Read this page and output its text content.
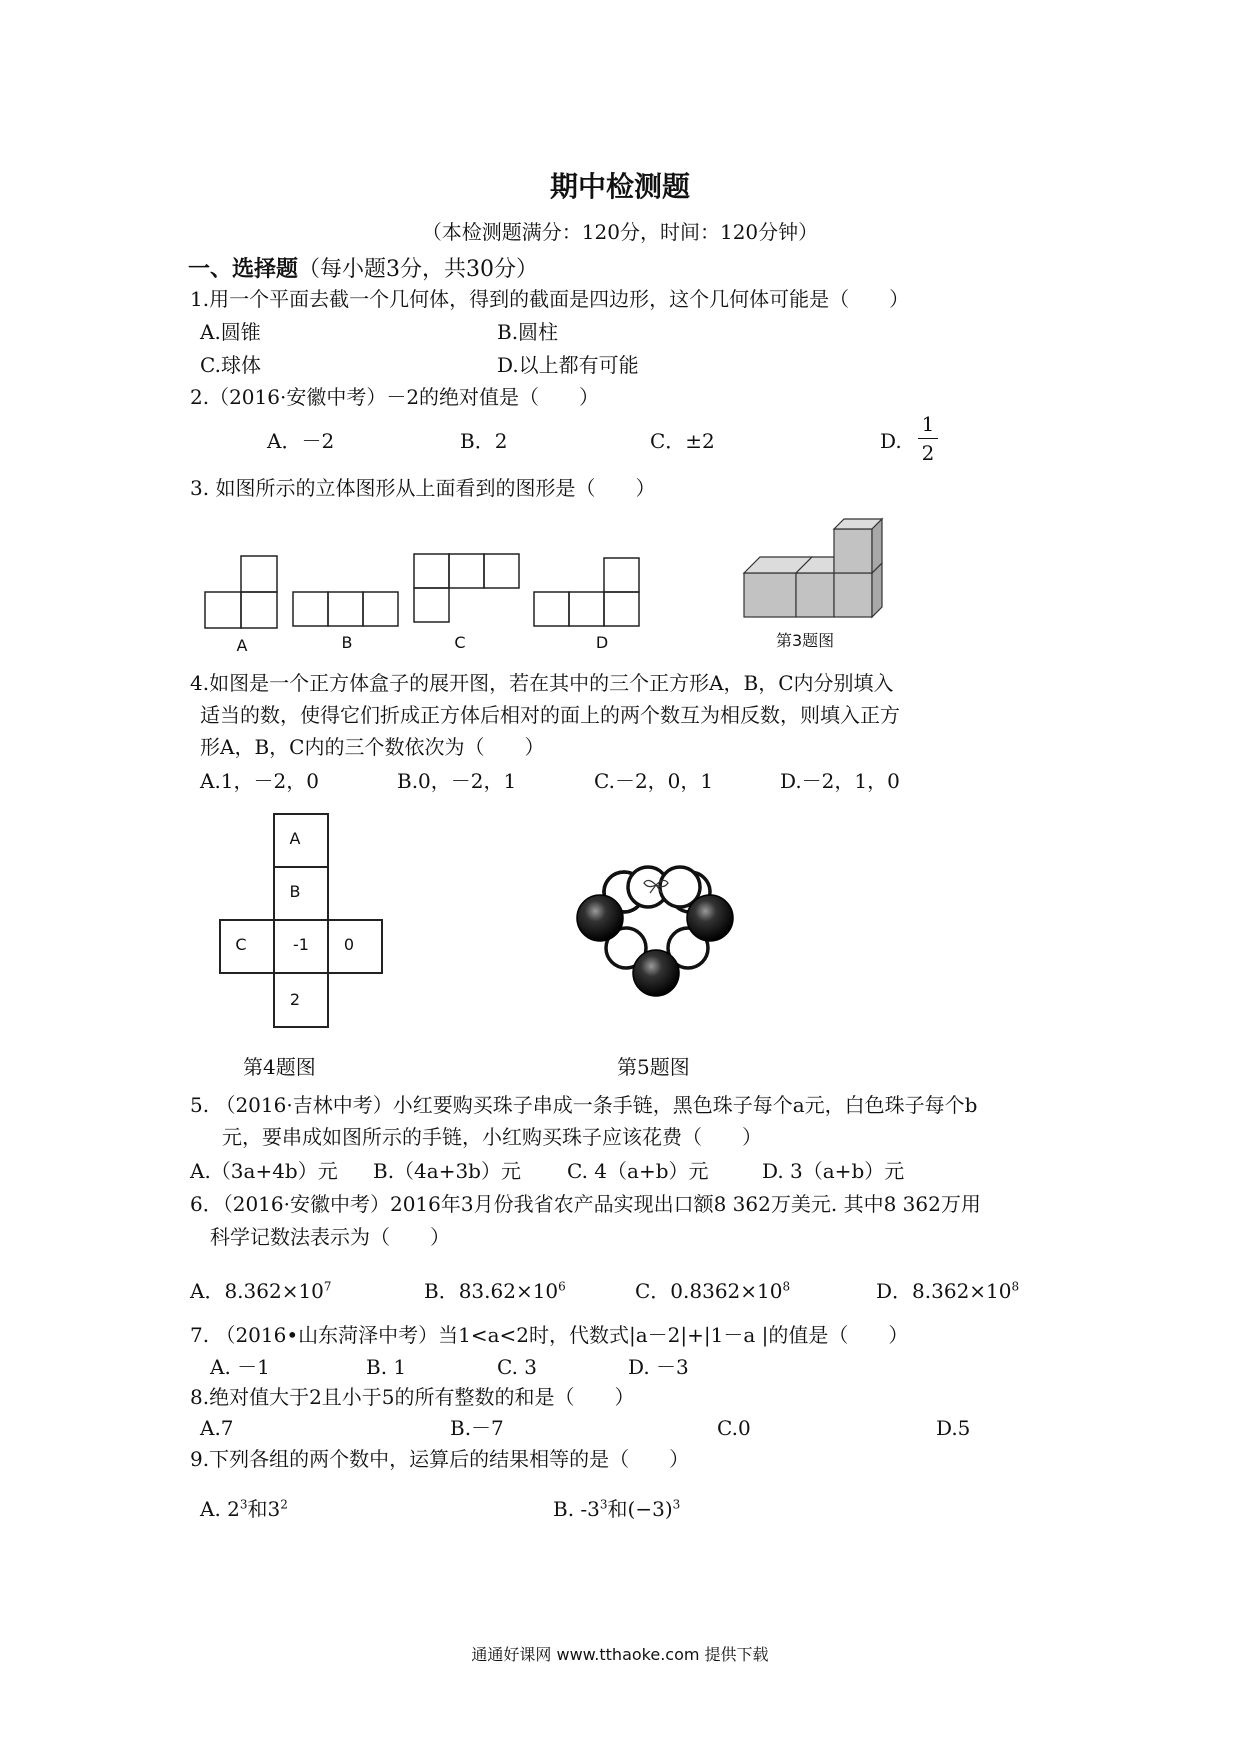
期中检测题
（本检测题满分：120分，时间：120分钟）
一、选择题（每小题3分，共30分）
1.用一个平面去截一个几何体，得到的截面是四边形，这个几何体可能是（　　）
A.圆锥	B.圆柱
C.球体	D.以上都有可能
2.（2016·安徽中考）－2的绝对值是（　　）
A．－2	B．2	C．±2	D.
1
2
3. 如图所示的立体图形从上面看到的图形是（　　）
A	B	C	D	第3题图
4.如图是一个正方体盒子的展开图，若在其中的三个正方形A，B，C内分别填入
适当的数，使得它们折成正方体后相对的面上的两个数互为相反数，则填入正方
形A，B，C内的三个数依次为（　　）
A.1，－2，0	B.0，－2，1	C.－2，0，1	D.－2，1，0
A
B
C	-1	0
2
第4题图	第5题图
5. （2016·吉林中考）小红要购买珠子串成一条手链，黑色珠子每个a元，白色珠子每个b
元，要串成如图所示的手链，小红购买珠子应该花费（　　）
A.（3a+4b）元 B.（4a+3b）元 C. 4（a+b）元	D. 3（a+b）元
6．（2016·安徽中考）2016年3月份我省农产品实现出口额8 362万美元. 其中8 362万用
科学记数法表示为（　　）
A．$8.362\times 10^7$	B．$83.62\times 10^6$	C．$0.8362\times 10^8$	D．$8.362\times 10^8$
7. （2016•山东菏泽中考）当1<a<2时，代数式|a－2|+|1－a |的值是（　　）
A. －1	B. 1	C. 3	D. －3
8.绝对值大于2且小于5的所有整数的和是（　　）
A.7	B.－7	C.0	D.5
9.下列各组的两个数中，运算后的结果相等的是（　　）
A. $2^3$和$3^2$	B. $-3^3$和$(-3)^3$
通通好课网 www.tthaoke.com 提供下载
